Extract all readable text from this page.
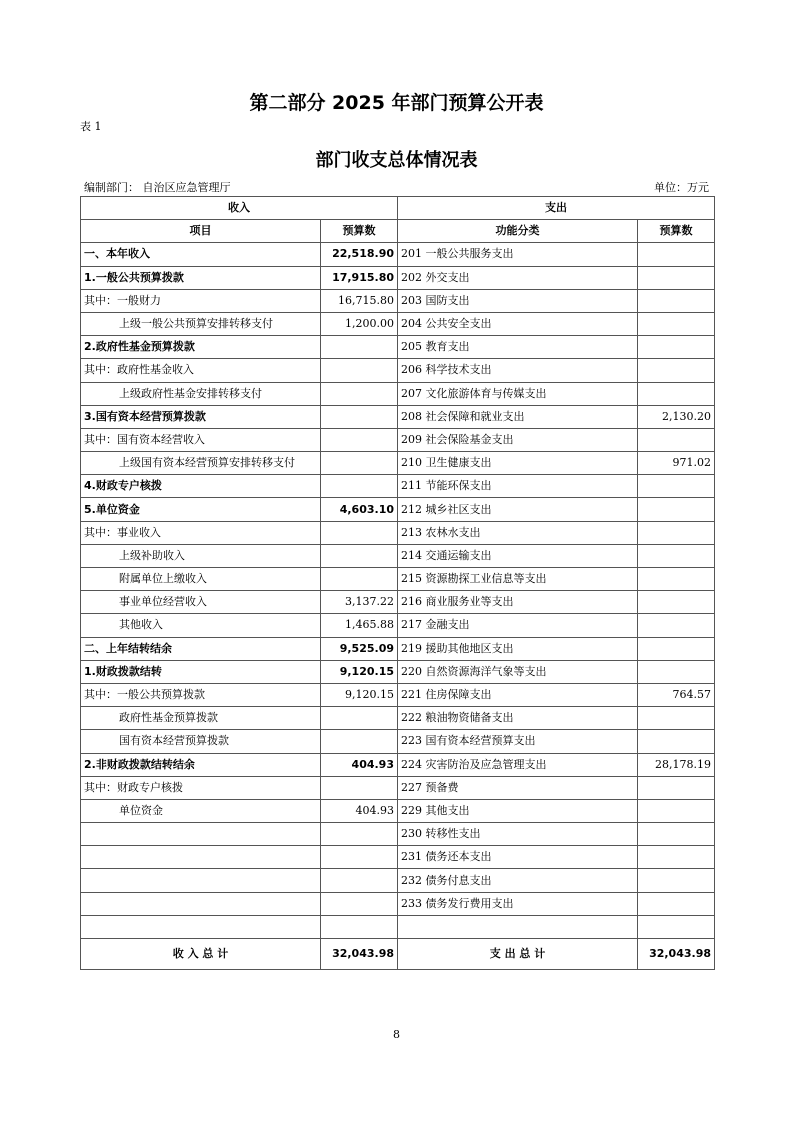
第二部分 2025 年部门预算公开表
表 1
部门收支总体情况表
编制部门： 自治区应急管理厅	单位：万元
收入		支出	
项目	预算数	功能分类	预算数
一、本年收入	22,518.90	201 一般公共服务支出	
1.一般公共预算拨款	17,915.80	202 外交支出	
其中：一般财力	16,715.80	203 国防支出	
上级一般公共预算安排转移支付	1,200.00	204 公共安全支出	
2.政府性基金预算拨款		205 教育支出	
其中：政府性基金收入		206 科学技术支出	
上级政府性基金安排转移支付		207 文化旅游体育与传媒支出	
3.国有资本经营预算拨款		208 社会保障和就业支出	2,130.20
其中：国有资本经营收入		209 社会保险基金支出	
上级国有资本经营预算安排转移支付		210 卫生健康支出	971.02
4.财政专户核拨		211 节能环保支出	
5.单位资金	4,603.10	212 城乡社区支出	
其中：事业收入		213 农林水支出	
上级补助收入		214 交通运输支出	
附属单位上缴收入		215 资源勘探工业信息等支出	
事业单位经营收入	3,137.22	216 商业服务业等支出	
其他收入	1,465.88	217 金融支出	
二、上年结转结余	9,525.09	219 援助其他地区支出	
1.财政拨款结转	9,120.15	220 自然资源海洋气象等支出	
其中：一般公共预算拨款	9,120.15	221 住房保障支出	764.57
政府性基金预算拨款		222 粮油物资储备支出	
国有资本经营预算拨款		223 国有资本经营预算支出	
2.非财政拨款结转结余	404.93	224 灾害防治及应急管理支出	28,178.19
其中：财政专户核拨		227 预备费	
单位资金	404.93	229 其他支出	
		230 转移性支出	
		231 债务还本支出	
		232 债务付息支出	
		233 债务发行费用支出	

收 入 总 计	32,043.98	支 出 总 计	32,043.98
8
